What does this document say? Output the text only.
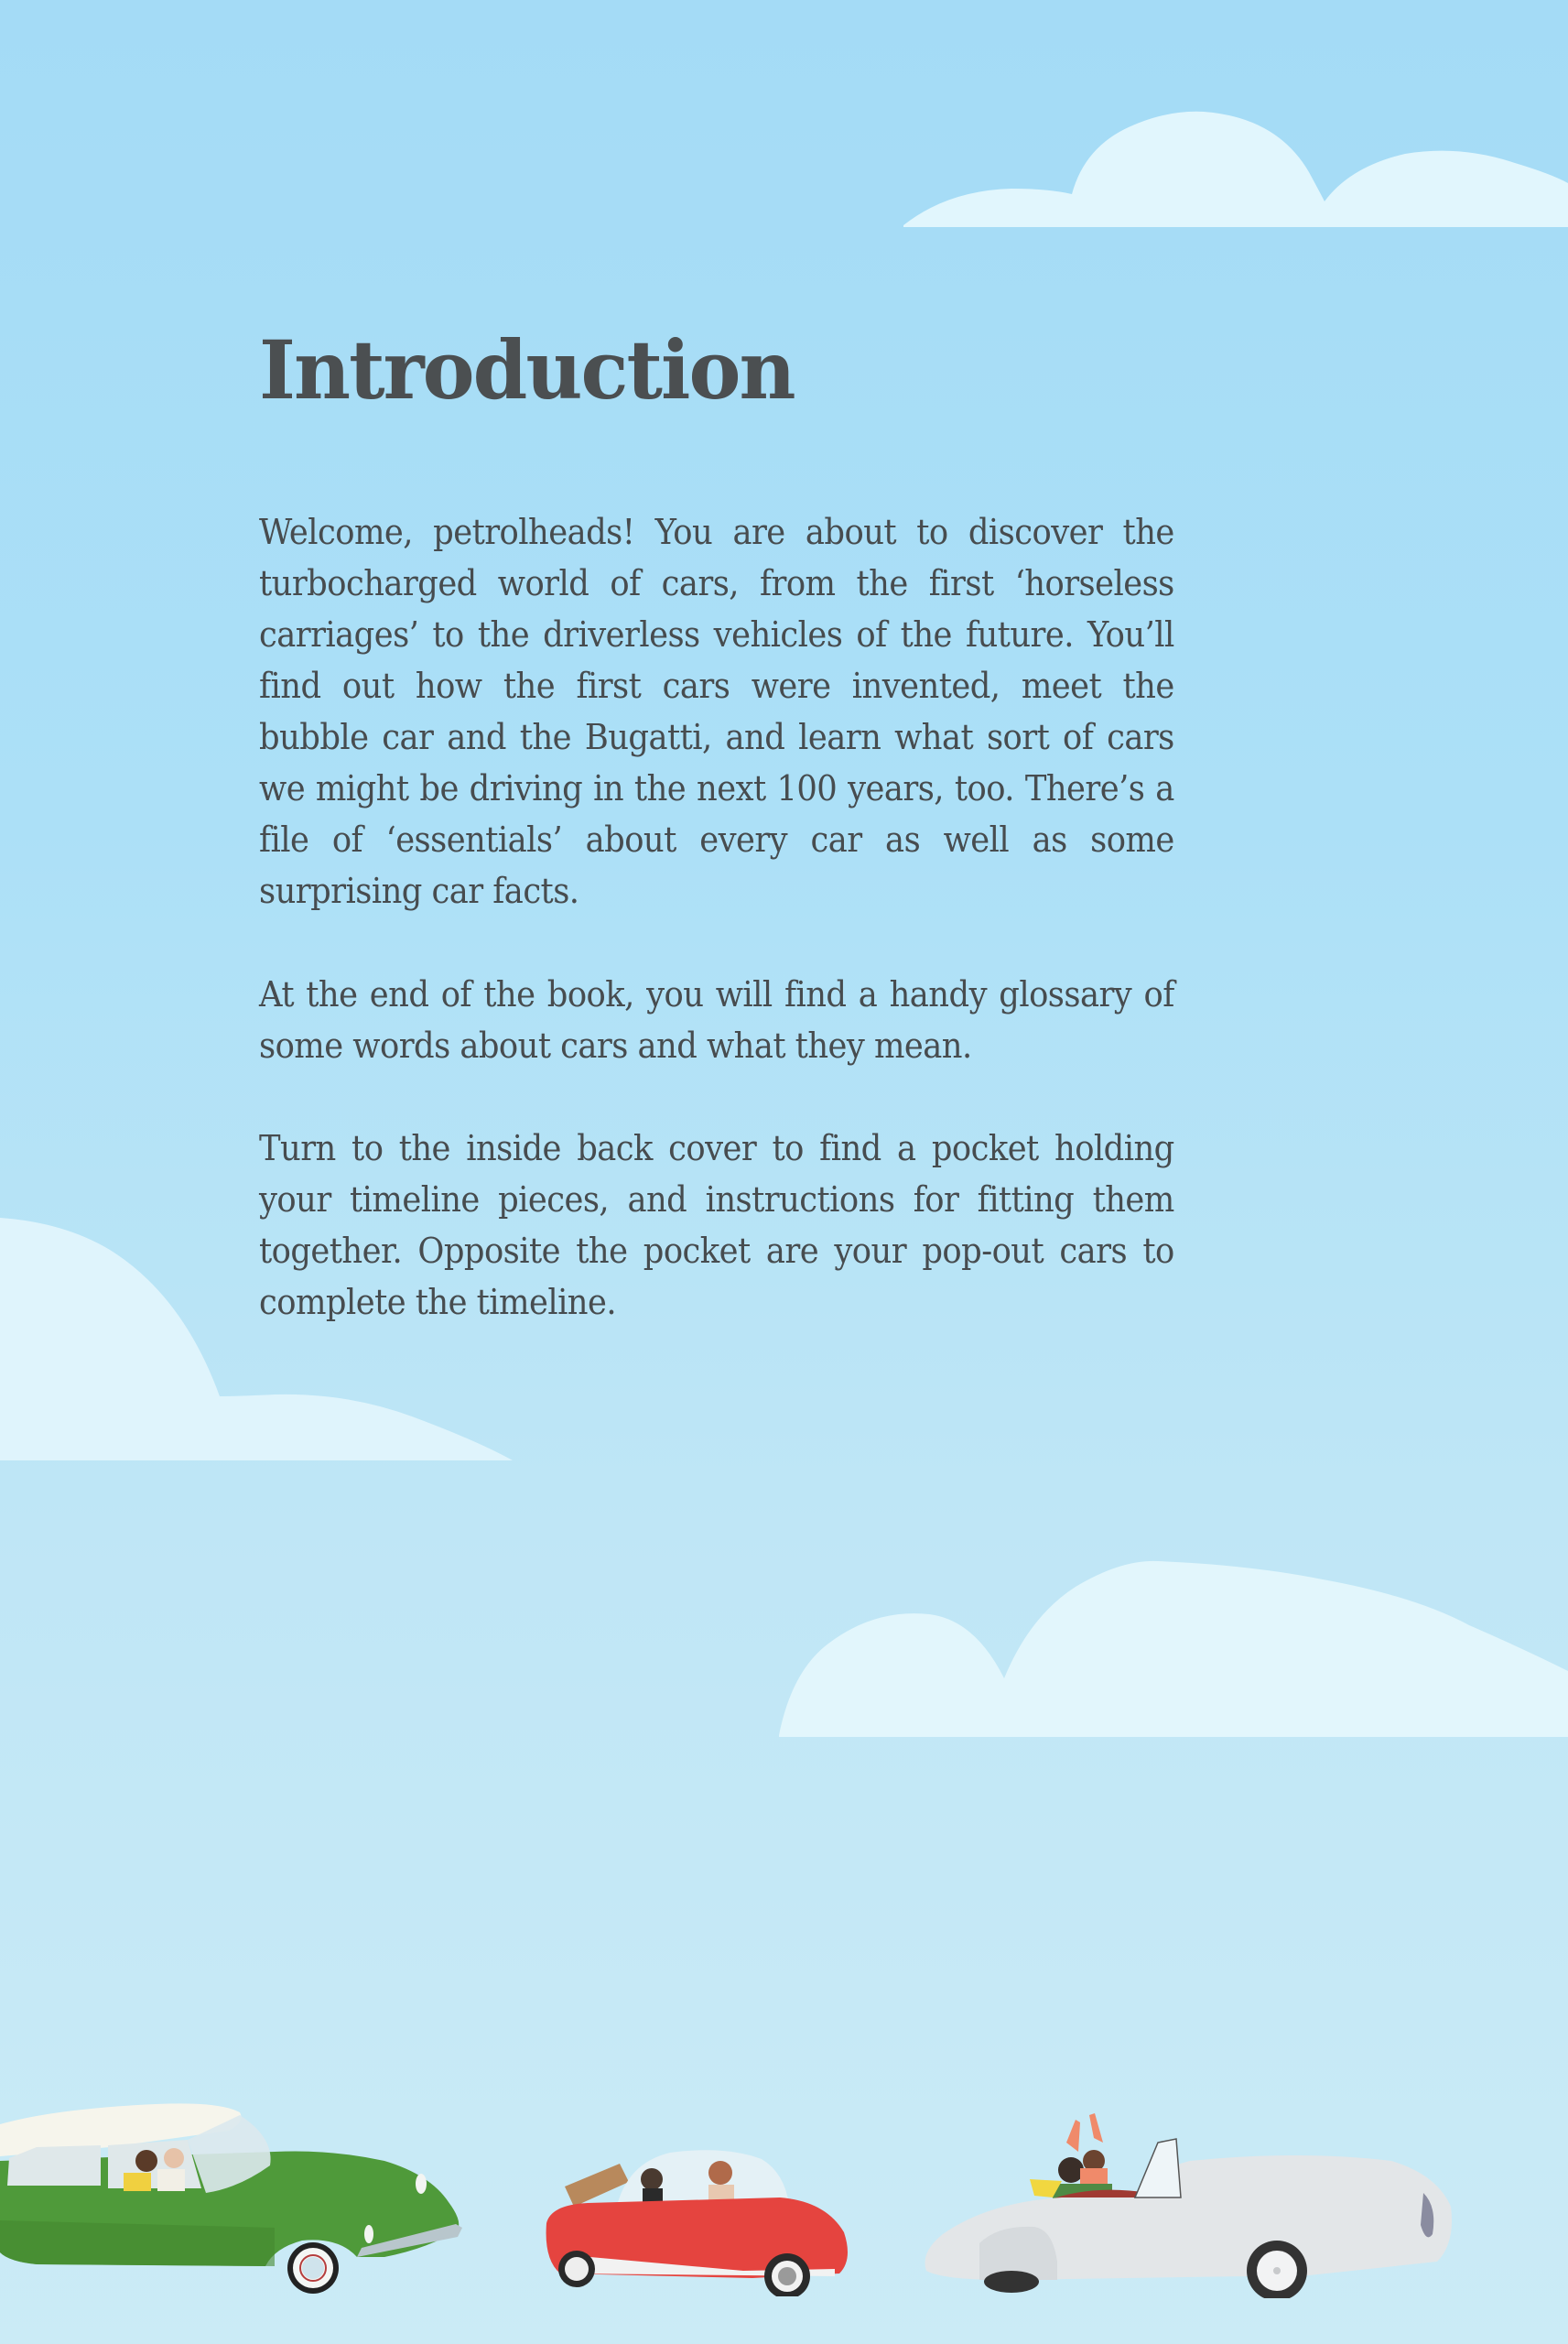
Introduction

Welcome, petrolheads! You are about to discover the turbocharged world of cars, from the first ‘horseless carriages’ to the driverless vehicles of the future. You’ll find out how the first cars were invented, meet the bubble car and the Bugatti, and learn what sort of cars we might be driving in the next 100 years, too. There’s a file of ‘essentials’ about every car as well as some surprising car facts.

At the end of the book, you will find a handy glossary of some words about cars and what they mean.

Turn to the inside back cover to find a pocket holding your timeline pieces, and instructions for fitting them together. Opposite the pocket are your pop-out cars to complete the timeline.
